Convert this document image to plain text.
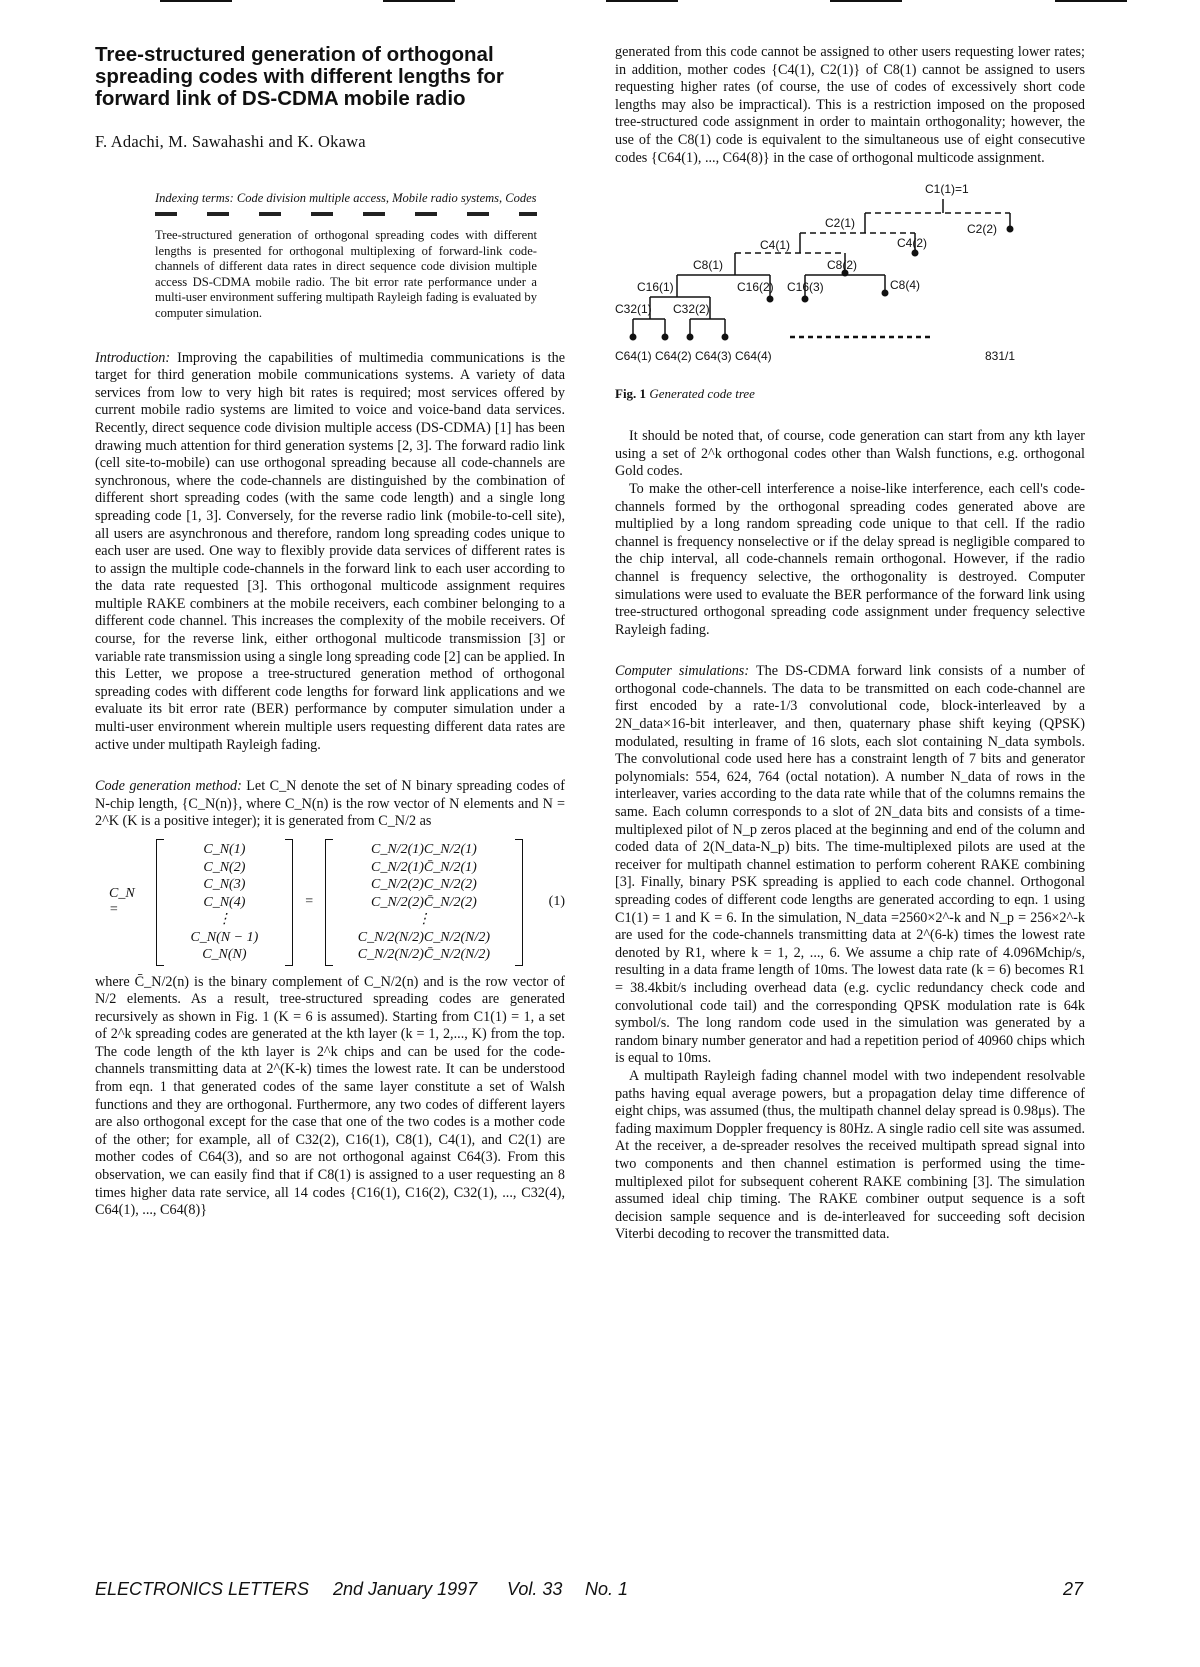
Tree-structured generation of orthogonal spreading codes with different lengths for forward link of DS-CDMA mobile radio
F. Adachi, M. Sawahashi and K. Okawa
Indexing terms: Code division multiple access, Mobile radio systems, Codes
Tree-structured generation of orthogonal spreading codes with different lengths is presented for orthogonal multiplexing of forward-link code-channels of different data rates in direct sequence code division multiple access DS-CDMA mobile radio. The bit error rate performance under a multi-user environment suffering multipath Rayleigh fading is evaluated by computer simulation.

Introduction: Improving the capabilities of multimedia communications is the target for third generation mobile communications systems. A variety of data services from low to very high bit rates is required; most services offered by current mobile radio systems are limited to voice and voice-band data services. Recently, direct sequence code division multiple access (DS-CDMA) [1] has been drawing much attention for third generation systems [2, 3]. The forward radio link (cell site-to-mobile) can use orthogonal spreading because all code-channels are synchronous, where the code-channels are distinguished by the combination of different short spreading codes (with the same code length) and a single long spreading code [1, 3]. Conversely, for the reverse radio link (mobile-to-cell site), all users are asynchronous and therefore, random long spreading codes unique to each user are used. One way to flexibly provide data services of different rates is to assign the multiple code-channels in the forward link to each user according to the data rate requested [3]. This orthogonal multicode assignment requires multiple RAKE combiners at the mobile receivers, each combiner belonging to a different code channel. This increases the complexity of the mobile receivers. Of course, for the reverse link, either orthogonal multicode transmission [3] or variable rate transmission using a single long spreading code [2] can be applied. In this Letter, we propose a tree-structured generation method of orthogonal spreading codes with different code lengths for forward link applications and we evaluate its bit error rate (BER) performance by computer simulation under a multi-user environment wherein multiple users requesting different data rates are active under multipath Rayleigh fading.

Code generation method: Let C_N denote the set of N binary spreading codes of N-chip length, {C_N(n)}, where C_N(n) is the row vector of N elements and N = 2^K (K is a positive integer); it is generated from C_N/2 as

C_N =
C_N(1)
C_N(2)
C_N(3)
C_N(4)
⋮
C_N(N − 1)
C_N(N)
=
C_N/2(1)C_N/2(1)
C_N/2(1)C̄_N/2(1)
C_N/2(2)C_N/2(2)
C_N/2(2)C̄_N/2(2)
⋮
C_N/2(N/2)C_N/2(N/2)
C_N/2(N/2)C̄_N/2(N/2)
(1)

where C̄_N/2(n) is the binary complement of C_N/2(n) and is the row vector of N/2 elements. As a result, tree-structured spreading codes are generated recursively as shown in Fig. 1 (K = 6 is assumed). Starting from C1(1) = 1, a set of 2^k spreading codes are generated at the kth layer (k = 1, 2,..., K) from the top. The code length of the kth layer is 2^k chips and can be used for the code-channels transmitting data at 2^(K-k) times the lowest rate. It can be understood from eqn. 1 that generated codes of the same layer constitute a set of Walsh functions and they are orthogonal. Furthermore, any two codes of different layers are also orthogonal except for the case that one of the two codes is a mother code of the other; for example, all of C32(2), C16(1), C8(1), C4(1), and C2(1) are mother codes of C64(3), and so are not orthogonal against C64(3). From this observation, we can easily find that if C8(1) is assigned to a user requesting an 8 times higher data rate service, all 14 codes {C16(1), C16(2), C32(1), ..., C32(4), C64(1), ..., C64(8)}

generated from this code cannot be assigned to other users requesting lower rates; in addition, mother codes {C4(1), C2(1)} of C8(1) cannot be assigned to users requesting higher rates (of course, the use of codes of excessively short code lengths may also be impractical). This is a restriction imposed on the proposed tree-structured code assignment in order to maintain orthogonality; however, the use of the C8(1) code is equivalent to the simultaneous use of eight consecutive codes {C64(1), ..., C64(8)} in the case of orthogonal multicode assignment.

C1(1)=1
C2(1)	C2(2)
C4(1)	C4(2)
C8(1)	C8(2)
C8(4)
C16(1)	C16(2) C16(3)
C32(1) C32(2)
C64(1) C64(2) C64(3) C64(4)	831/1
Fig. 1 Generated code tree

It should be noted that, of course, code generation can start from any kth layer using a set of 2^k orthogonal codes other than Walsh functions, e.g. orthogonal Gold codes.

To make the other-cell interference a noise-like interference, each cell's code-channels formed by the orthogonal spreading codes generated above are multiplied by a long random spreading code unique to that cell. If the radio channel is frequency nonselective or if the delay spread is negligible compared to the chip interval, all code-channels remain orthogonal. However, if the radio channel is frequency selective, the orthogonality is destroyed. Computer simulations were used to evaluate the BER performance of the forward link using tree-structured orthogonal spreading code assignment under frequency selective Rayleigh fading.

Computer simulations: The DS-CDMA forward link consists of a number of orthogonal code-channels. The data to be transmitted on each code-channel are first encoded by a rate-1/3 convolutional code, block-interleaved by a 2N_data×16-bit interleaver, and then, quaternary phase shift keying (QPSK) modulated, resulting in frame of 16 slots, each slot containing N_data symbols. The convolutional code used here has a constraint length of 7 bits and generator polynomials: 554, 624, 764 (octal notation). A number N_data of rows in the interleaver, varies according to the data rate while that of the columns remains the same. Each column corresponds to a slot of 2N_data bits and consists of a time-multiplexed pilot of N_p zeros placed at the beginning and end of the column and coded data of 2(N_data-N_p) bits. The time-multiplexed pilots are used at the receiver for multipath channel estimation to perform coherent RAKE combining [3]. Finally, binary PSK spreading is applied to each code channel. Orthogonal spreading codes of different code lengths are generated according to eqn. 1 using C1(1) = 1 and K = 6. In the simulation, N_data =2560×2^-k and N_p = 256×2^-k are used for the code-channels transmitting data at 2^(6-k) times the lowest rate denoted by R1, where k = 1, 2, ..., 6. We assume a chip rate of 4.096Mchip/s, resulting in a data frame length of 10ms. The lowest data rate (k = 6) becomes R1 = 38.4kbit/s including overhead data (e.g. cyclic redundancy check code and convolutional code tail) and the corresponding QPSK modulation rate is 64k symbol/s. The long random code used in the simulation was generated by a random binary number generator and had a repetition period of 40960 chips which is equal to 10ms.

A multipath Rayleigh fading channel model with two independent resolvable paths having equal average powers, but a propagation delay time difference of eight chips, was assumed (thus, the multipath channel delay spread is 0.98μs). The fading maximum Doppler frequency is 80Hz. A single radio cell site was assumed. At the receiver, a de-spreader resolves the received multipath spread signal into two components and then channel estimation is performed using the time-multiplexed pilot for subsequent coherent RAKE combining [3]. The simulation assumed ideal chip timing. The RAKE combiner output sequence is a soft decision sample sequence and is de-interleaved for succeeding soft decision Viterbi decoding to recover the transmitted data.

ELECTRONICS LETTERS 2nd January 1997 Vol. 33 No. 1	27
